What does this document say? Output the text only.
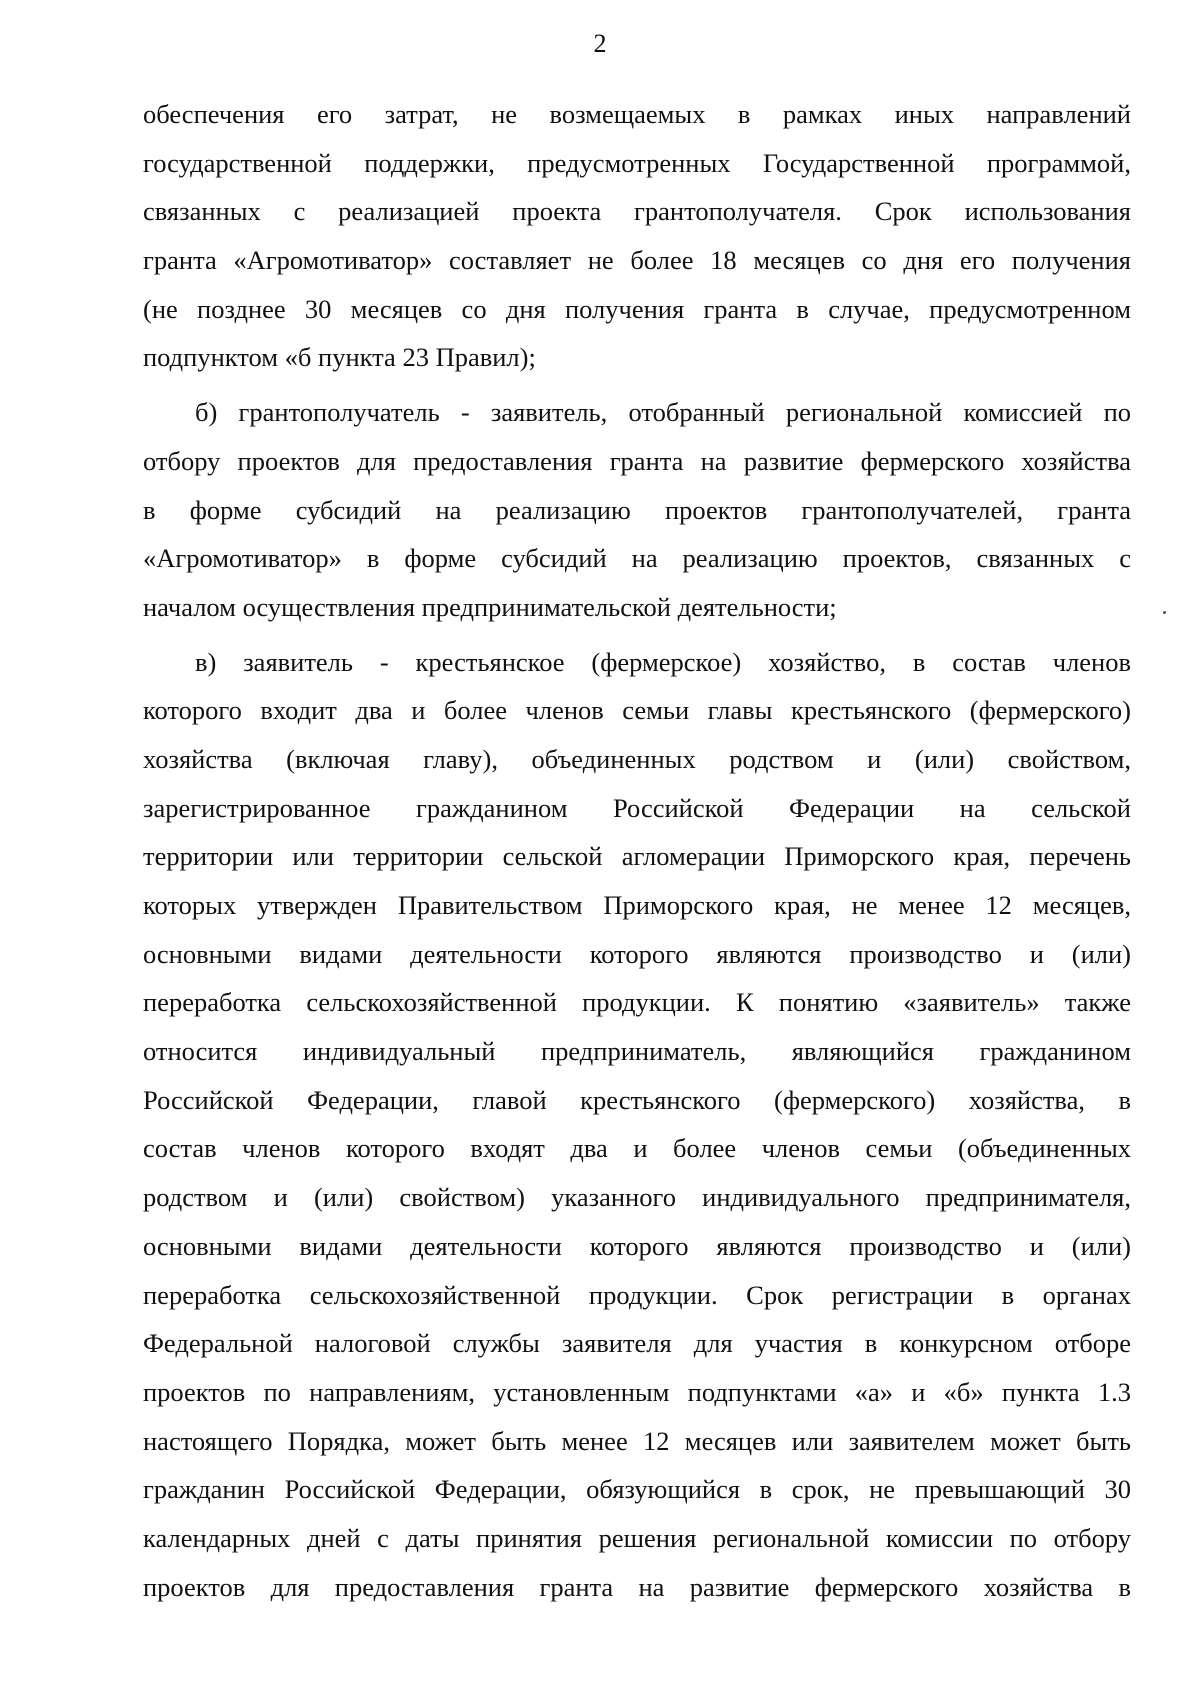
2
обеспечения его затрат, не возмещаемых в рамках иных направлений
государственной поддержки, предусмотренных Государственной программой,
связанных с реализацией проекта грантополучателя. Срок использования
гранта «Агромотиватор» составляет не более 18 месяцев со дня его получения
(не позднее 30 месяцев со дня получения гранта в случае, предусмотренном
подпунктом «б пункта 23 Правил);
б) грантополучатель - заявитель, отобранный региональной комиссией по
отбору проектов для предоставления гранта на развитие фермерского хозяйства
в форме субсидий на реализацию проектов грантополучателей, гранта
«Агромотиватор» в форме субсидий на реализацию проектов, связанных с
началом осуществления предпринимательской деятельности;
в) заявитель - крестьянское (фермерское) хозяйство, в состав членов
которого входит два и более членов семьи главы крестьянского (фермерского)
хозяйства (включая главу), объединенных родством и (или) свойством,
зарегистрированное гражданином Российской Федерации на сельской
территории или территории сельской агломерации Приморского края, перечень
которых утвержден Правительством Приморского края, не менее 12 месяцев,
основными видами деятельности которого являются производство и (или)
переработка сельскохозяйственной продукции. К понятию «заявитель» также
относится индивидуальный предприниматель, являющийся гражданином
Российской Федерации, главой крестьянского (фермерского) хозяйства, в
состав членов которого входят два и более членов семьи (объединенных
родством и (или) свойством) указанного индивидуального предпринимателя,
основными видами деятельности которого являются производство и (или)
переработка сельскохозяйственной продукции. Срок регистрации в органах
Федеральной налоговой службы заявителя для участия в конкурсном отборе
проектов по направлениям, установленным подпунктами «а» и «б» пункта 1.3
настоящего Порядка, может быть менее 12 месяцев или заявителем может быть
гражданин Российской Федерации, обязующийся в срок, не превышающий 30
календарных дней с даты принятия решения региональной комиссии по отбору
проектов для предоставления гранта на развитие фермерского хозяйства в
